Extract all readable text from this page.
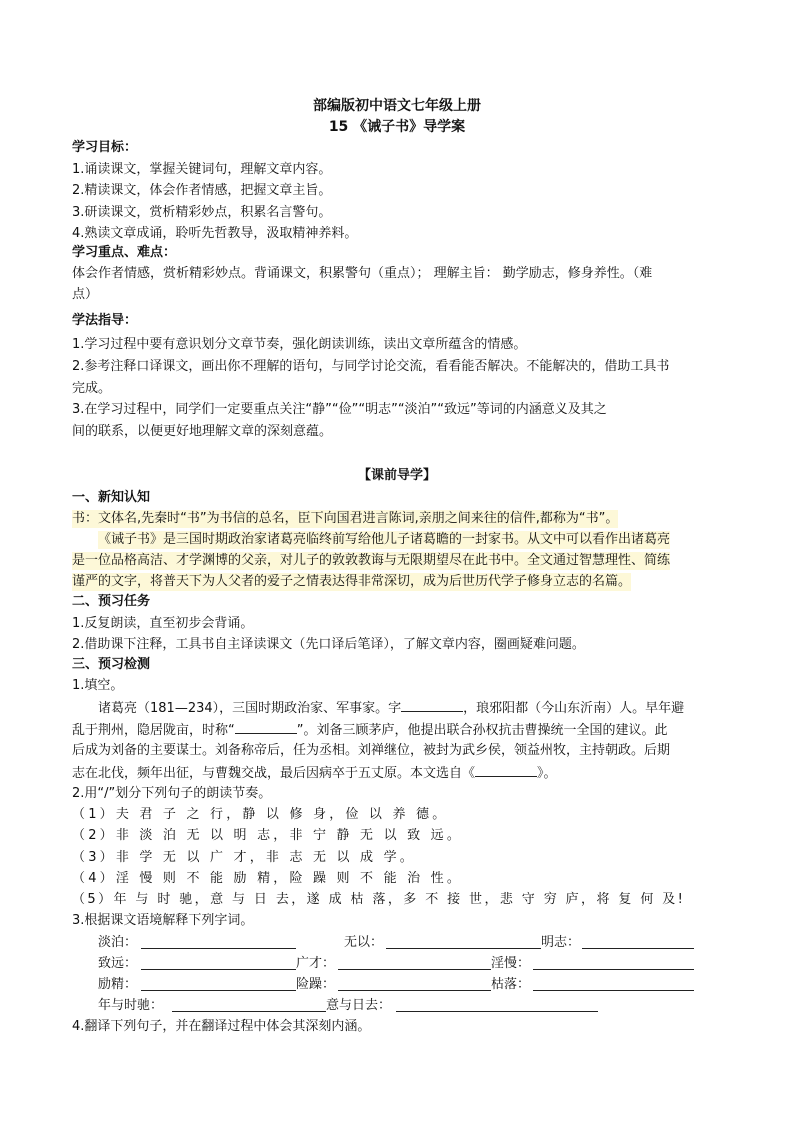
部编版初中语文七年级上册
15 《诫子书》导学案
学习目标：
1.诵读课文，掌握关键词句，理解文章内容。
2.精读课文，体会作者情感，把握文章主旨。
3.研读课文，赏析精彩妙点，积累名言警句。
4.熟读文章成诵，聆听先哲教导，汲取精神养料。
学习重点、难点：
体会作者情感，赏析精彩妙点。背诵课文，积累警句（重点）； 理解主旨： 勤学励志，修身养性。（难
点）
学法指导：
1.学习过程中要有意识划分文章节奏，强化朗读训练，读出文章所蕴含的情感。
2.参考注释口译课文，画出你不理解的语句，与同学讨论交流，看看能否解决。不能解决的，借助工具书
完成。
3.在学习过程中，同学们一定要重点关注“静”“俭”“明志”“淡泊”“致远”等词的内涵意义及其之
间的联系，以便更好地理解文章的深刻意蕴。
【课前导学】
一、新知认知
书：文体名,先秦时“书”为书信的总名，臣下向国君进言陈词,亲朋之间来往的信件,都称为“书”。
《诫子书》是三国时期政治家诸葛亮临终前写给他儿子诸葛瞻的一封家书。从文中可以看作出诸葛亮
是一位品格高洁、才学渊博的父亲，对儿子的敦敦教诲与无限期望尽在此书中。全文通过智慧理性、简练
谨严的文字，将普天下为人父者的爱子之情表达得非常深切，成为后世历代学子修身立志的名篇。
二、预习任务
1.反复朗读，直至初步会背诵。
2.借助课下注释，工具书自主译读课文（先口译后笔译），了解文章内容，圈画疑难问题。
三、预习检测
1.填空。
诸葛亮（181—234），三国时期政治家、军事家。字	，琅邪阳都（今山东沂南）人。早年避
乱于荆州，隐居陇亩，时称“	”。刘备三顾茅庐，他提出联合孙权抗击曹操统一全国的建议。此
后成为刘备的主要谋士。刘备称帝后，任为丞相。刘禅继位，被封为武乡侯，领益州牧，主持朝政。后期
志在北伐，频年出征，与曹魏交战，最后因病卒于五丈原。本文选自《	》。
2.用“/”划分下列句子的朗读节奏。
（1）夫 君 子 之 行，静 以 修 身，俭 以 养 德。
（2）非 淡 泊 无 以 明 志，非 宁 静 无 以 致 远。
（3）非 学 无 以 广 才，非 志 无 以 成 学。
（4）淫 慢 则 不 能 励 精，险 躁 则 不 能 治 性。
（5）年 与 时 驰，意 与 日 去，遂 成 枯 落，多 不 接 世，悲 守 穷 庐，将 复 何 及!
3.根据课文语境解释下列字词。
淡泊：	无以：	明志：
致远：	广才：	淫慢：
励精：	险躁：	枯落：
年与时驰：	意与日去：
4.翻译下列句子，并在翻译过程中体会其深刻内涵。
